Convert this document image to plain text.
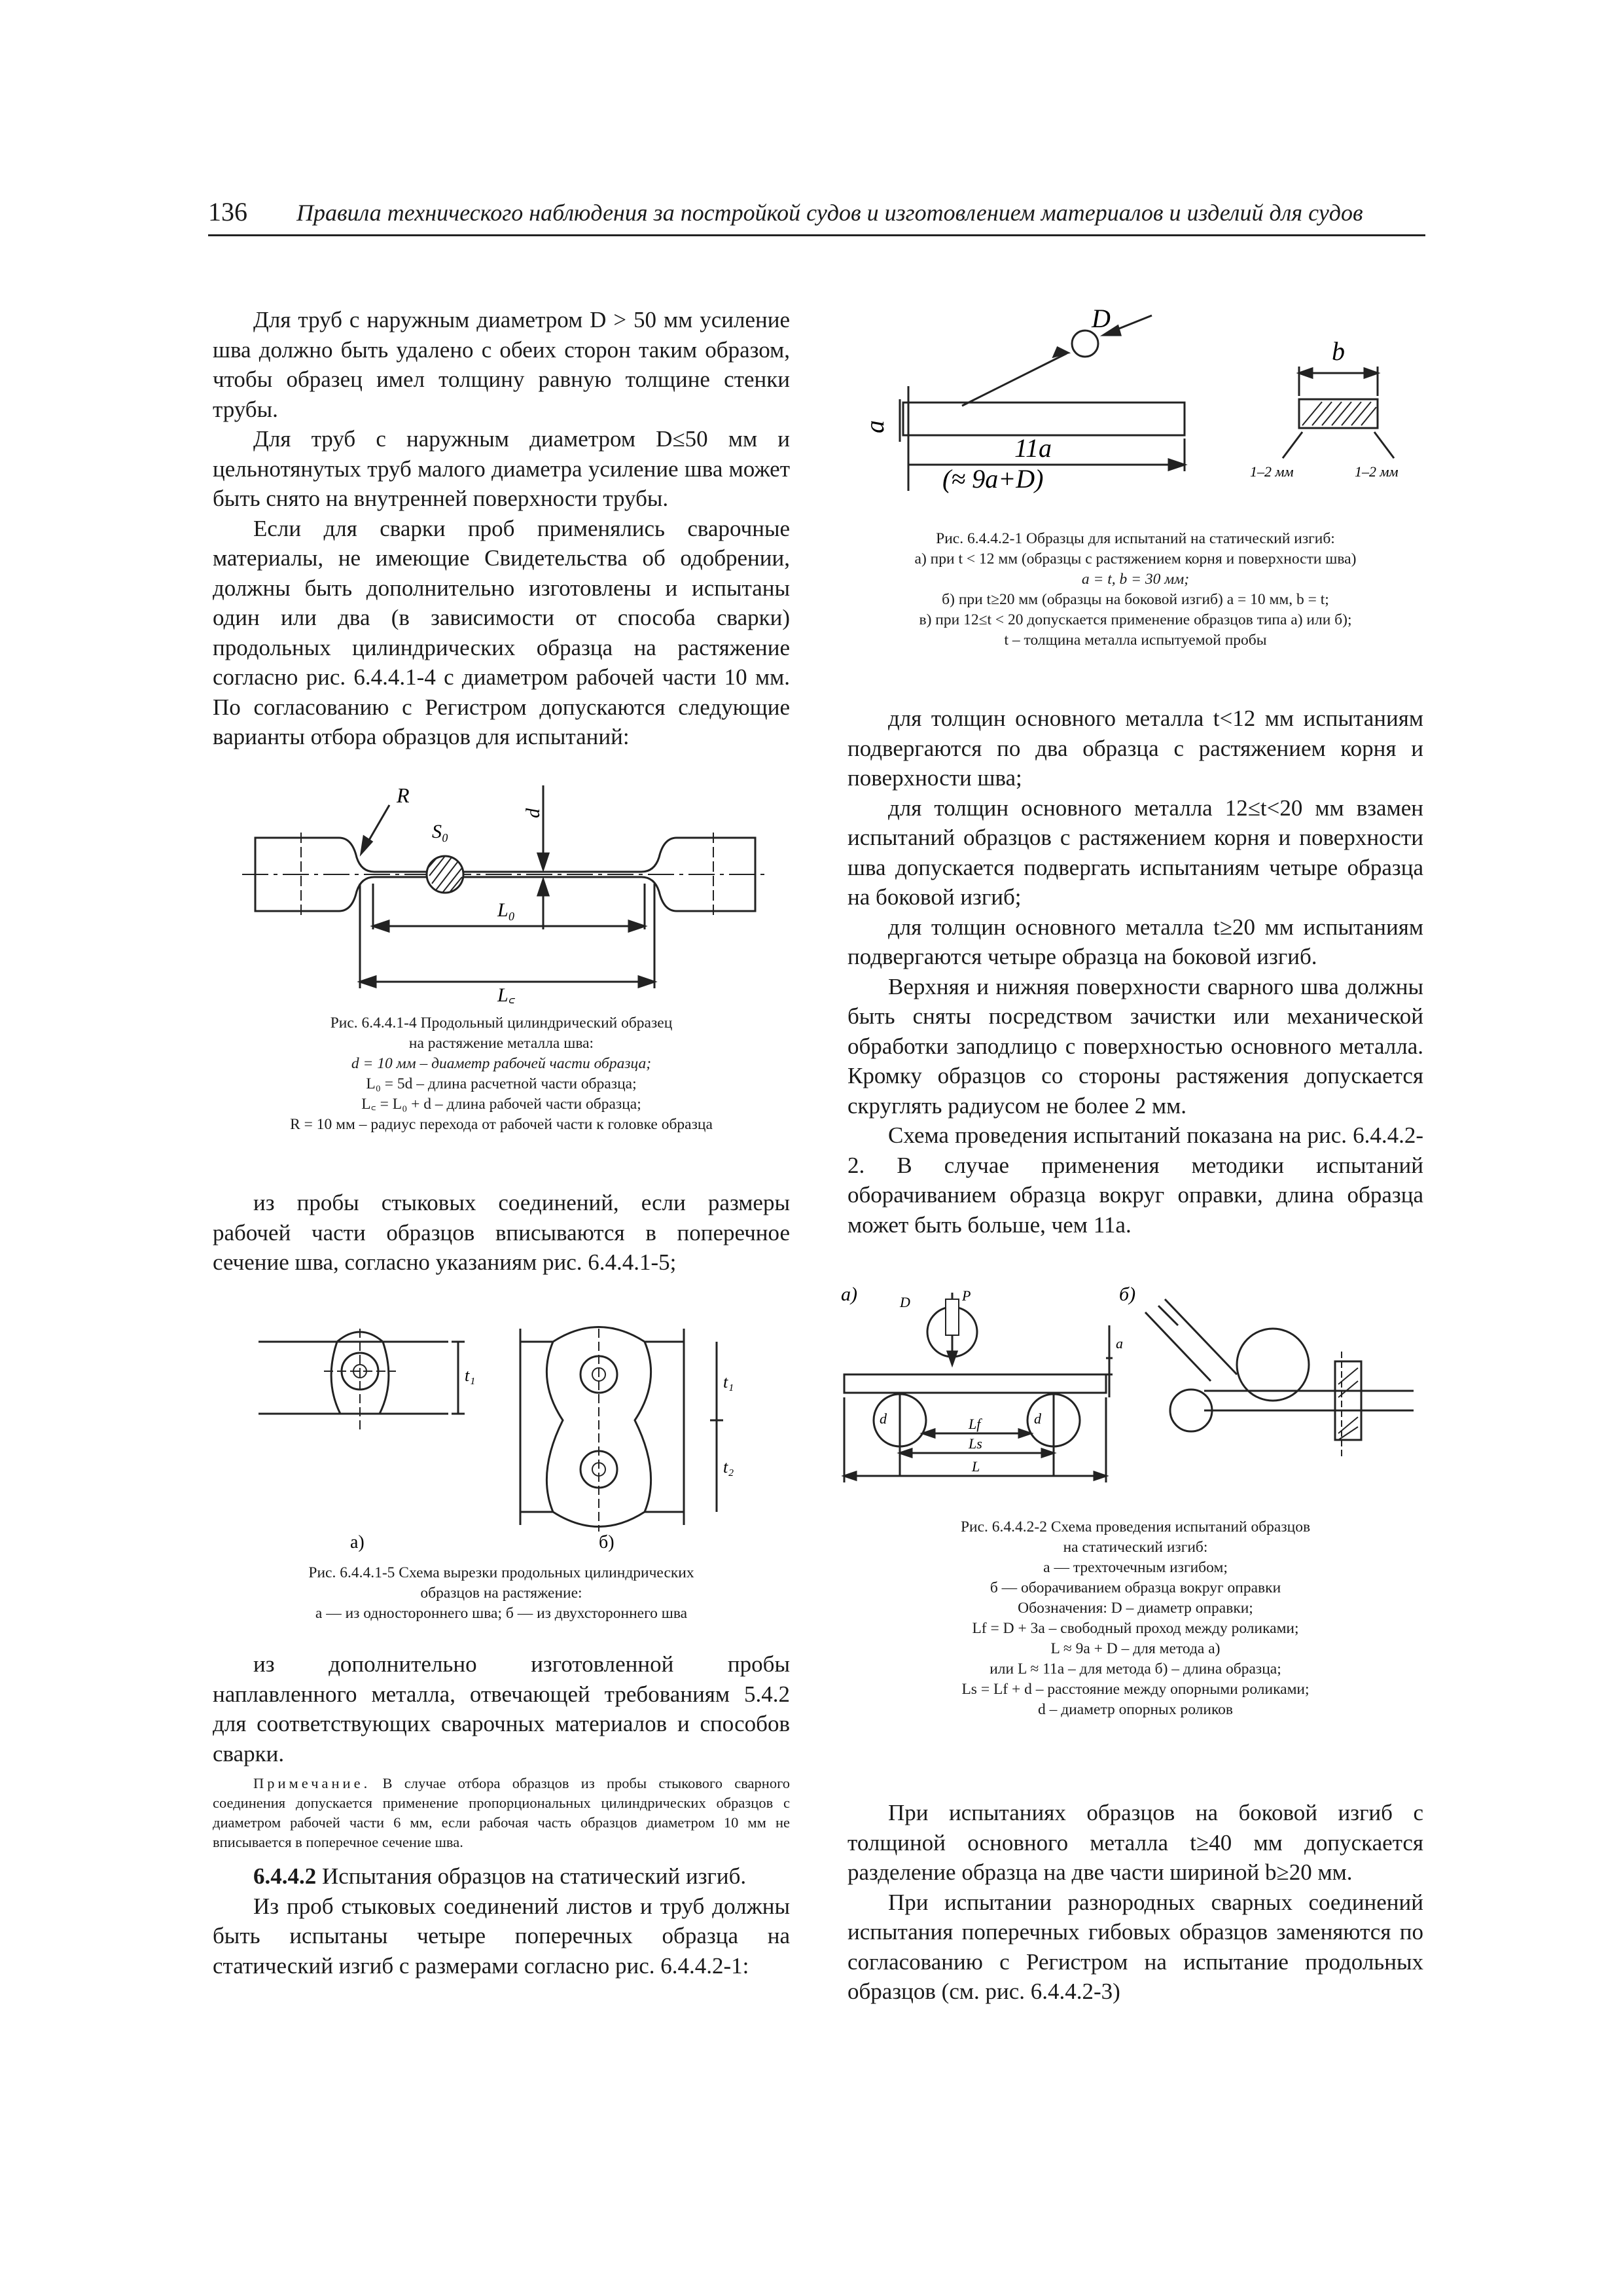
136 Правила технического наблюдения за постройкой судов и изготовлением материалов и изделий для судов

Для труб с наружным диаметром D > 50 мм усиление шва должно быть удалено с обеих сторон таким образом, чтобы образец имел толщину равную толщине стенки трубы.

Для труб с наружным диаметром D≤50 мм и цельнотянутых труб малого диаметра усиление шва может быть снято на внутренней поверхности трубы.

Если для сварки проб применялись сварочные материалы, не имеющие Свидетельства об одобрении, должны быть дополнительно изготовлены и испытаны один или два (в зависимости от способа сварки) продольных цилиндрических образца на растяжение согласно рис. 6.4.4.1-4 с диаметром рабочей части 10 мм. По согласованию с Регистром допускаются следующие варианты отбора образцов для испытаний:

R
S₀
d
L₀
L꜀
Рис. 6.4.4.1-4 Продольный цилиндрический образец
на растяжение металла шва:
d = 10 мм – диаметр рабочей части образца;
L₀ = 5d – длина расчетной части образца;
L꜀ = L₀ + d – длина рабочей части образца;
R = 10 мм – радиус перехода от рабочей части к головке образца

из пробы стыковых соединений, если размеры рабочей части образцов вписываются в поперечное сечение шва, согласно указаниям рис. 6.4.4.1-5;

t₁	t₁
t₂
а)	б)
Рис. 6.4.4.1-5 Схема вырезки продольных цилиндрических
образцов на растяжение:
а — из одностороннего шва; б — из двухстороннего шва

из дополнительно изготовленной пробы наплавленного металла, отвечающей требованиям 5.4.2 для соответствующих сварочных материалов и способов сварки.

Примечание. В случае отбора образцов из пробы стыкового сварного соединения допускается применение пропорциональных цилиндрических образцов с диаметром рабочей части 6 мм, если рабочая часть образцов диаметром 10 мм не вписывается в поперечное сечение шва.

6.4.4.2 Испытания образцов на статический изгиб.

Из проб стыковых соединений листов и труб должны быть испытаны четыре поперечных образца на статический изгиб с размерами согласно рис. 6.4.4.2-1:

D
a
11a
(≈ 9a+D)
b
1–2 мм	1–2 мм
Рис. 6.4.4.2-1 Образцы для испытаний на статический изгиб:
а) при t < 12 мм (образцы с растяжением корня и поверхности шва)
a = t, b = 30 мм;
б) при t≥20 мм (образцы на боковой изгиб) a = 10 мм, b = t;
в) при 12≤t < 20 допускается применение образцов типа а) или б);
t – толщина металла испытуемой пробы

для толщин основного металла t<12 мм испытаниям подвергаются по два образца с растяжением корня и поверхности шва;

для толщин основного металла 12≤t<20 мм взамен испытаний образцов с растяжением корня и поверхности шва допускается подвергать испытаниям четыре образца на боковой изгиб;

для толщин основного металла t≥20 мм испытаниям подвергаются четыре образца на боковой изгиб.

Верхняя и нижняя поверхности сварного шва должны быть сняты посредством зачистки или механической обработки заподлицо с поверхностью основного металла. Кромку образцов со стороны растяжения допускается скруглять радиусом не более 2 мм.

Схема проведения испытаний показана на рис. 6.4.4.2-2. В случае применения методики испытаний оборачиванием образца вокруг оправки, длина образца может быть больше, чем 11a.

а)	D	P
d	d
Lf
Ls
L
б)
a
Рис. 6.4.4.2-2 Схема проведения испытаний образцов
на статический изгиб:
а — трехточечным изгибом;
б — оборачиванием образца вокруг оправки
Обозначения: D – диаметр оправки;
Lf = D + 3a – свободный проход между роликами;
L ≈ 9a + D – для метода а)
или L ≈ 11a – для метода б) – длина образца;
Ls = Lf + d – расстояние между опорными роликами;
d – диаметр опорных роликов

При испытаниях образцов на боковой изгиб с толщиной основного металла t≥40 мм допускается разделение образца на две части шириной b≥20 мм.

При испытании разнородных сварных соединений испытания поперечных гибовых образцов заменяются по согласованию с Регистром на испытание продольных образцов (см. рис. 6.4.4.2-3)
